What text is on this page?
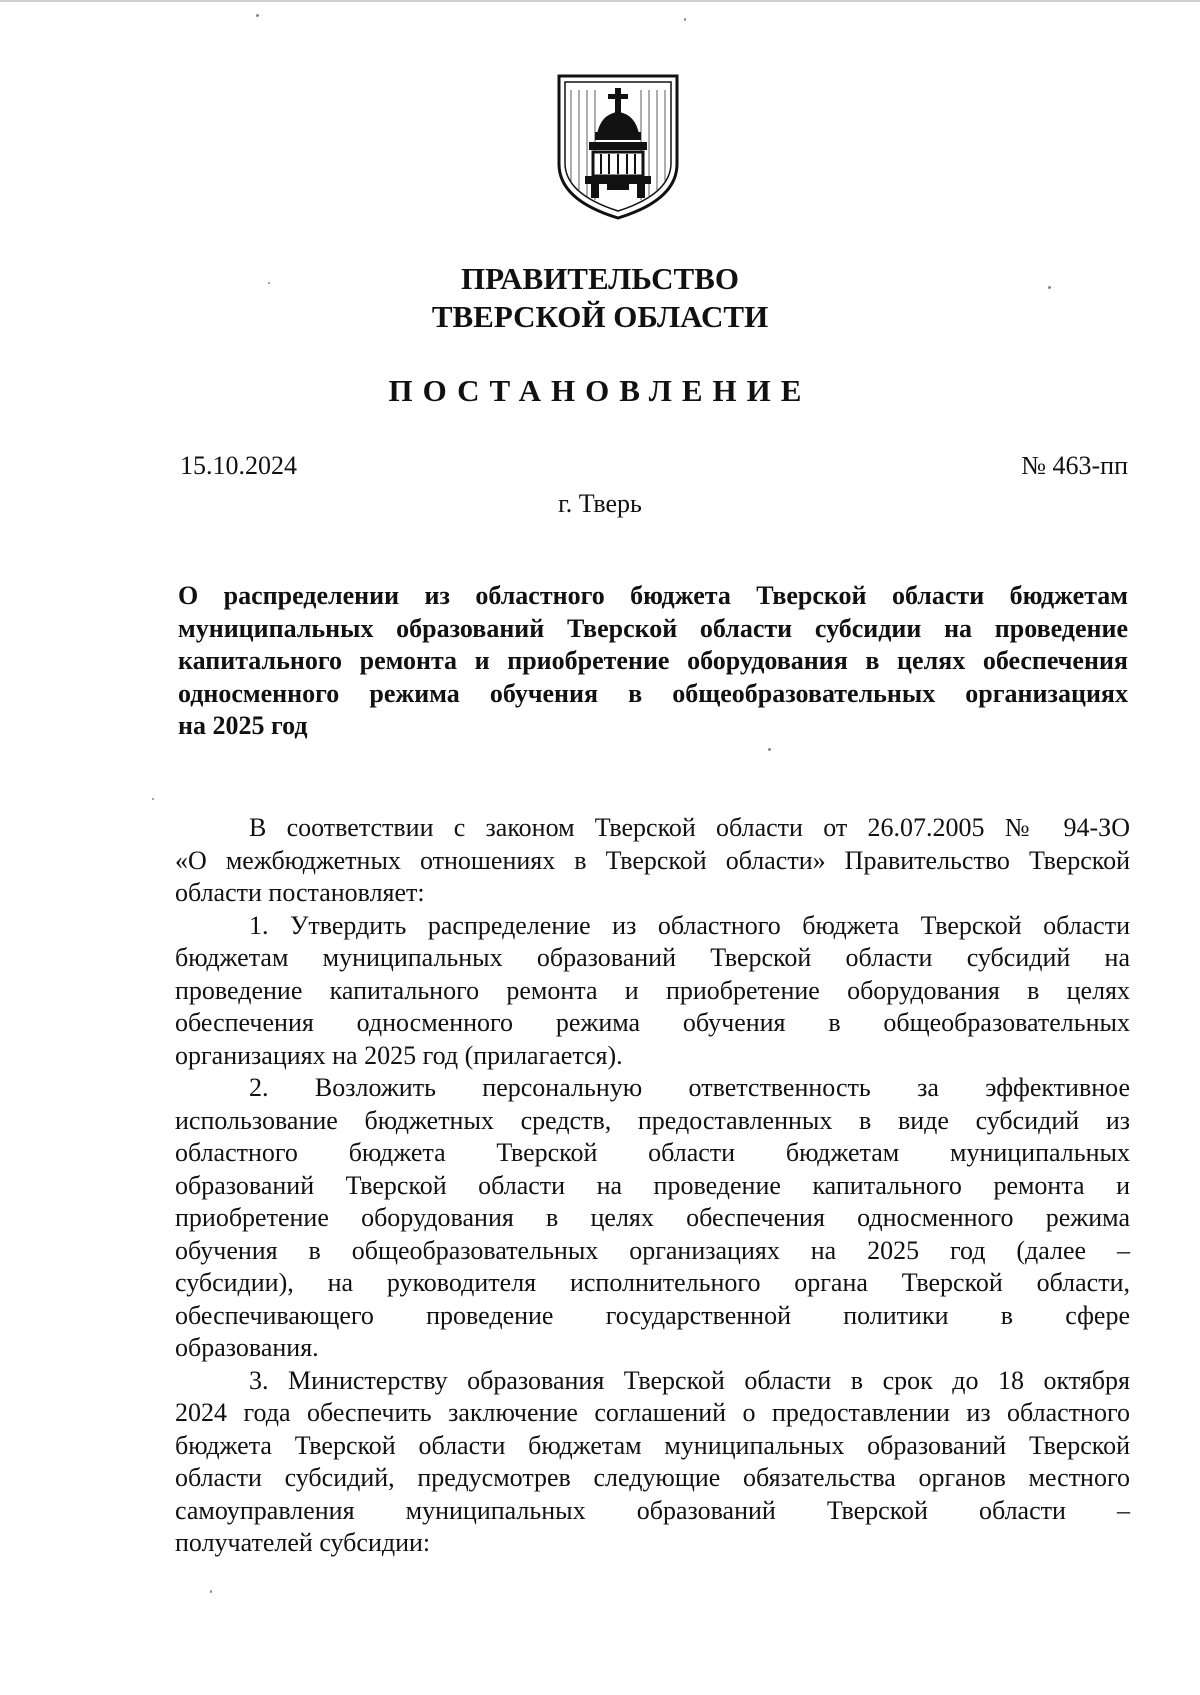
ПРАВИТЕЛЬСТВО
ТВЕРСКОЙ ОБЛАСТИ
ПОСТАНОВЛЕНИЕ
15.10.2024	№ 463-пп
г. Тверь
О распределении из областного бюджета Тверской области бюджетам
муниципальных образований Тверской области субсидии на проведение
капитального ремонта и приобретение оборудования в целях обеспечения
односменного режима обучения в общеобразовательных организациях
на 2025 год
В соответствии с законом Тверской области от 26.07.2005 № 94-ЗО
«О межбюджетных отношениях в Тверской области» Правительство Тверской
области постановляет:
1. Утвердить распределение из областного бюджета Тверской области
бюджетам муниципальных образований Тверской области субсидий на
проведение капитального ремонта и приобретение оборудования в целях
обеспечения односменного режима обучения в общеобразовательных
организациях на 2025 год (прилагается).
2. Возложить персональную ответственность за эффективное
использование бюджетных средств, предоставленных в виде субсидий из
областного бюджета Тверской области бюджетам муниципальных
образований Тверской области на проведение капитального ремонта и
приобретение оборудования в целях обеспечения односменного режима
обучения в общеобразовательных организациях на 2025 год (далее –
субсидии), на руководителя исполнительного органа Тверской области,
обеспечивающего проведение государственной политики в сфере
образования.
3. Министерству образования Тверской области в срок до 18 октября
2024 года обеспечить заключение соглашений о предоставлении из областного
бюджета Тверской области бюджетам муниципальных образований Тверской
области субсидий, предусмотрев следующие обязательства органов местного
самоуправления муниципальных образований Тверской области –
получателей субсидии:
